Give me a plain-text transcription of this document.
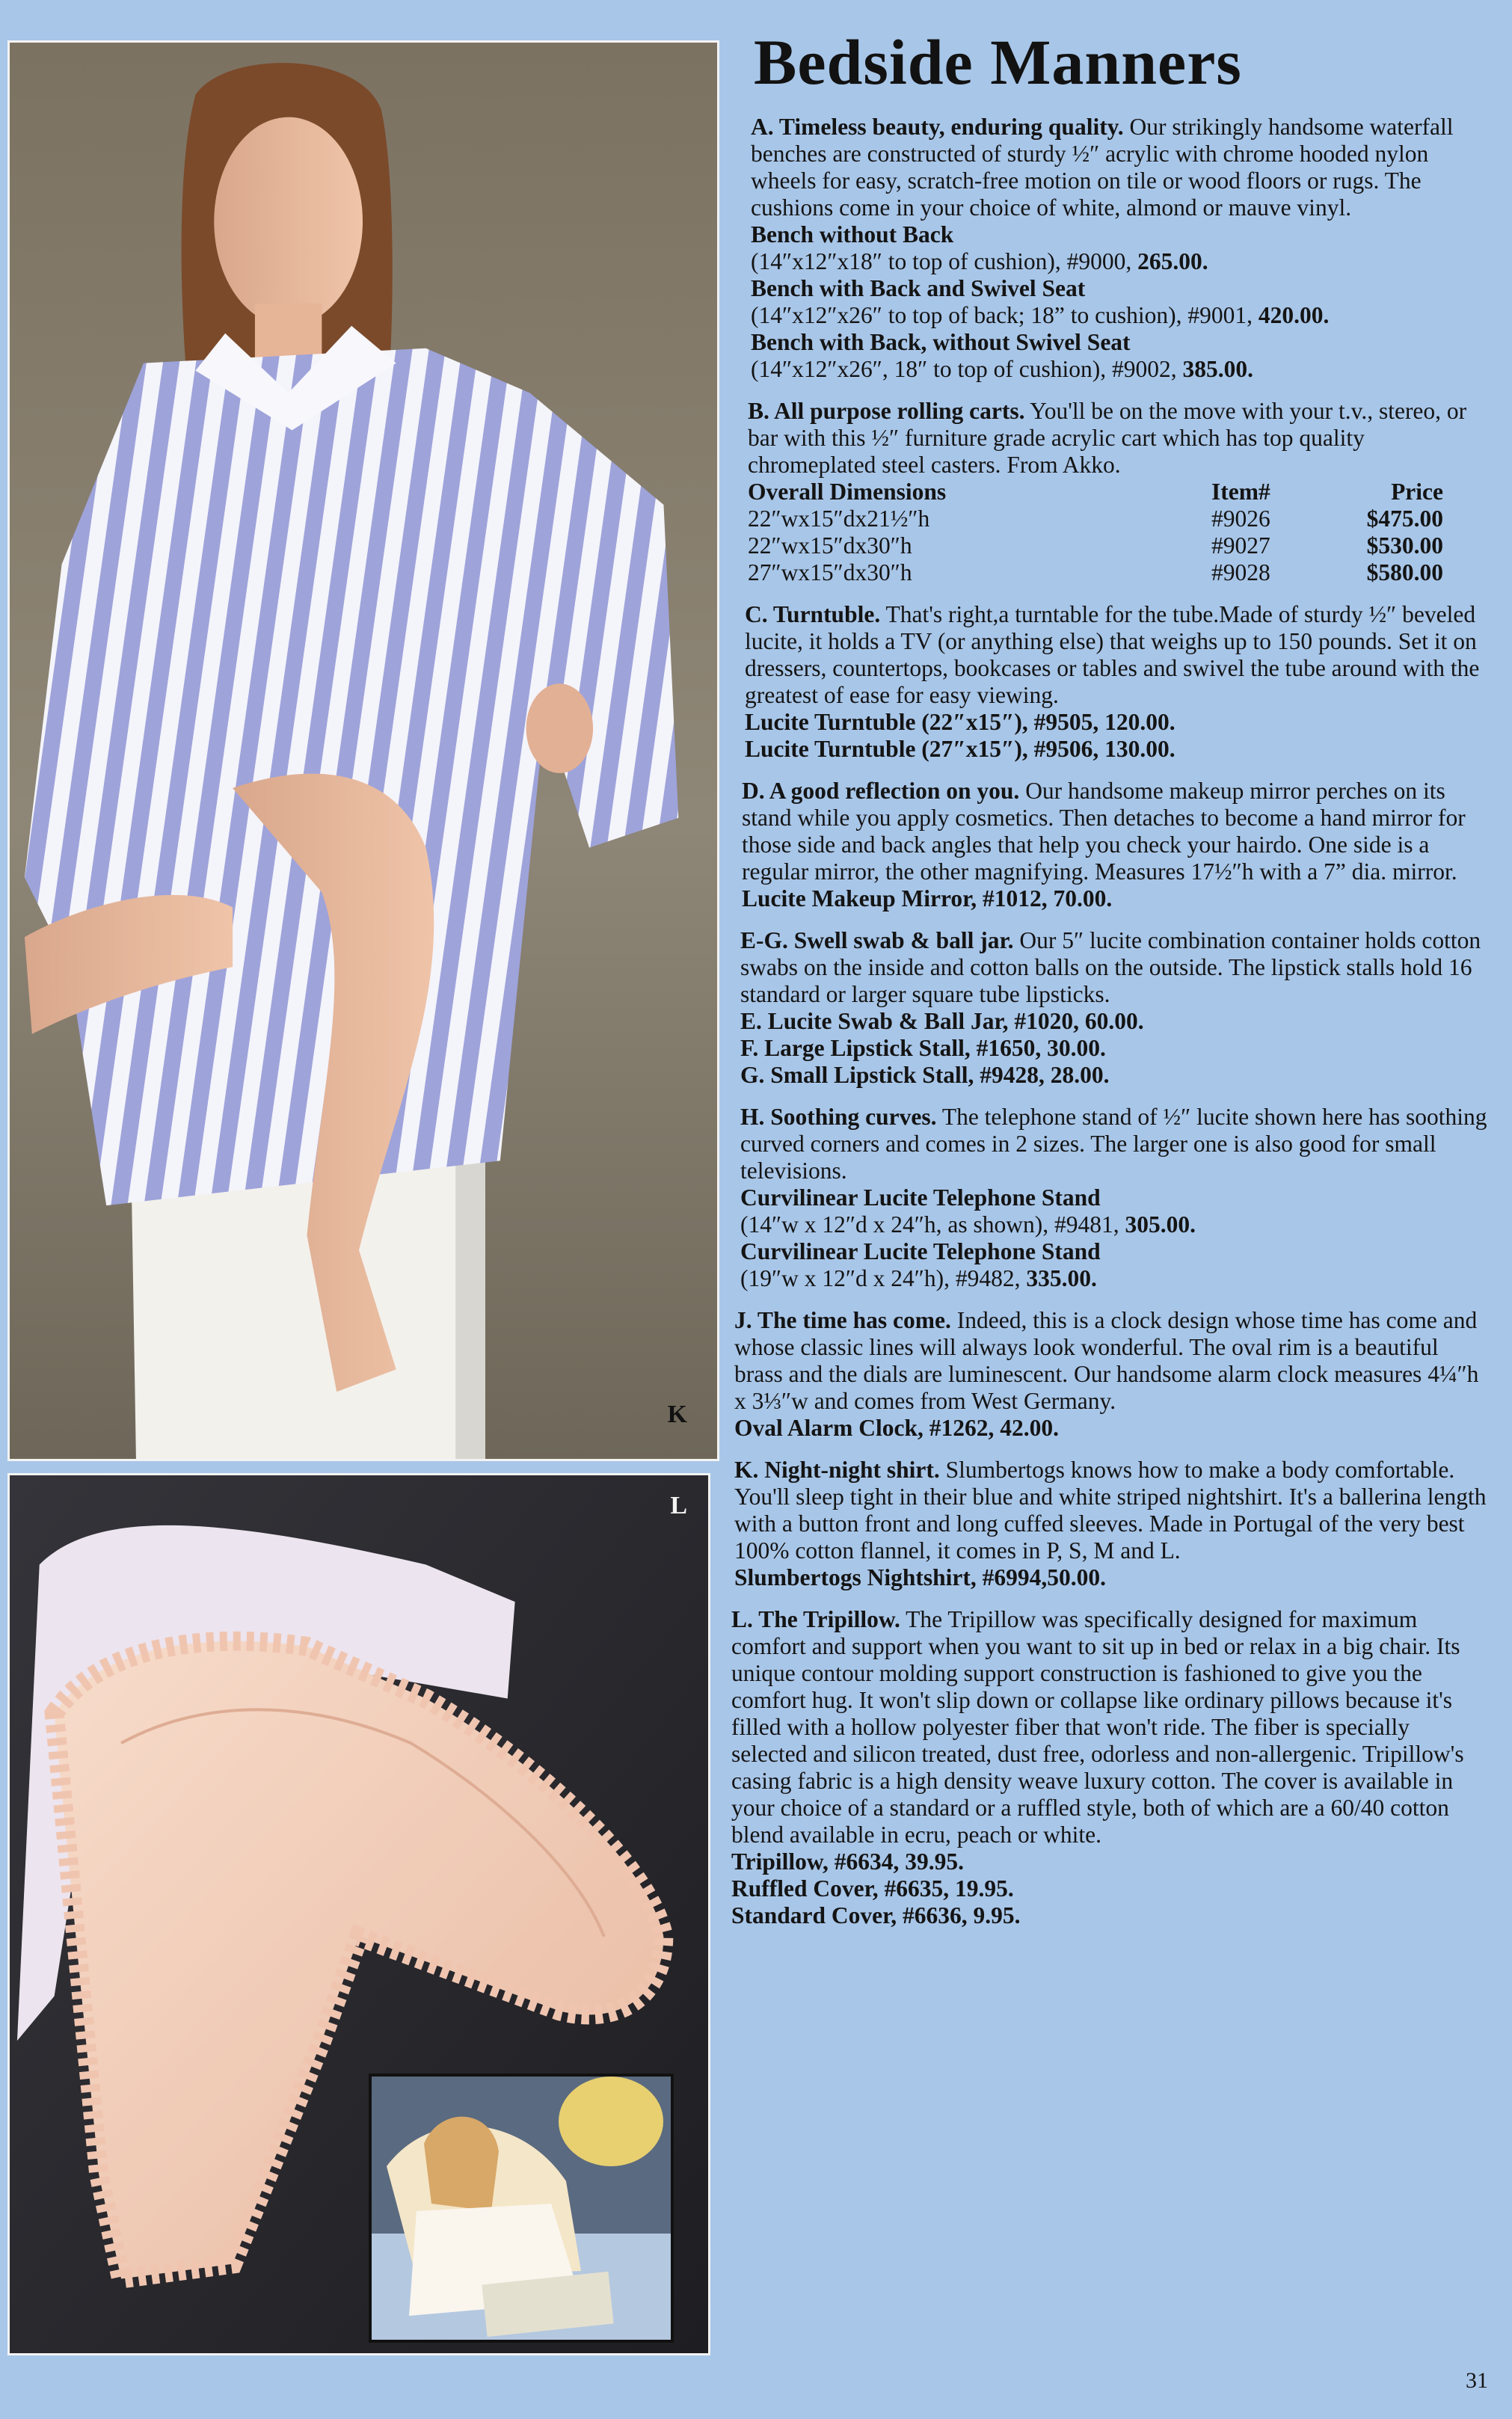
K
L
Bedside Manners
A. Timeless beauty, enduring quality. Our strikingly handsome waterfall benches are constructed of sturdy ½″ acrylic with chrome hooded nylon wheels for easy, scratch-free motion on tile or wood floors or rugs. The cushions come in your choice of white, almond or mauve vinyl.
Bench without Back
(14″x12″x18″ to top of cushion), #9000, 265.00.
Bench with Back and Swivel Seat
(14″x12″x26″ to top of back; 18” to cushion), #9001, 420.00.
Bench with Back, without Swivel Seat
(14″x12″x26″, 18″ to top of cushion), #9002, 385.00.
B. All purpose rolling carts. You'll be on the move with your t.v., stereo, or bar with this ½″ furniture grade acrylic cart which has top quality chromeplated steel casters. From Akko.
Overall Dimensions	Item#	Price
22″wx15″dx21½″h	#9026	$475.00
22″wx15″dx30″h	#9027	$530.00
27″wx15″dx30″h	#9028	$580.00
C. Turntuble. That's right,a turntable for the tube.Made of sturdy ½″ beveled lucite, it holds a TV (or anything else) that weighs up to 150 pounds. Set it on dressers, countertops, bookcases or tables and swivel the tube around with the greatest of ease for easy viewing.
Lucite Turntuble (22″x15″), #9505, 120.00.
Lucite Turntuble (27″x15″), #9506, 130.00.
D. A good reflection on you. Our handsome makeup mirror perches on its stand while you apply cosmetics. Then detaches to become a hand mirror for those side and back angles that help you check your hairdo. One side is a regular mirror, the other magnifying. Measures 17½″h with a 7” dia. mirror.
Lucite Makeup Mirror, #1012, 70.00.
E-G. Swell swab & ball jar. Our 5″ lucite combination container holds cotton swabs on the inside and cotton balls on the outside. The lipstick stalls hold 16 standard or larger square tube lipsticks.
E. Lucite Swab & Ball Jar, #1020, 60.00.
F. Large Lipstick Stall, #1650, 30.00.
G. Small Lipstick Stall, #9428, 28.00.
H. Soothing curves. The telephone stand of ½″ lucite shown here has soothing curved corners and comes in 2 sizes. The larger one is also good for small televisions.
Curvilinear Lucite Telephone Stand
(14″w x 12″d x 24″h, as shown), #9481, 305.00.
Curvilinear Lucite Telephone Stand
(19″w x 12″d x 24″h), #9482, 335.00.
J. The time has come. Indeed, this is a clock design whose time has come and whose classic lines will always look wonderful. The oval rim is a beautiful brass and the dials are luminescent. Our handsome alarm clock measures 4¼″h x 3⅓″w and comes from West Germany.
Oval Alarm Clock, #1262, 42.00.
K. Night-night shirt. Slumbertogs knows how to make a body comfortable. You'll sleep tight in their blue and white striped nightshirt. It's a ballerina length with a button front and long cuffed sleeves. Made in Portugal of the very best 100% cotton flannel, it comes in P, S, M and L.
Slumbertogs Nightshirt, #6994,50.00.
L. The Tripillow. The Tripillow was specifically designed for maximum comfort and support when you want to sit up in bed or relax in a big chair. Its unique contour molding support construction is fashioned to give you the comfort hug. It won't slip down or collapse like ordinary pillows because it's filled with a hollow polyester fiber that won't ride. The fiber is specially selected and silicon treated, dust free, odorless and non-allergenic. Tripillow's casing fabric is a high density weave luxury cotton. The cover is available in your choice of a standard or a ruffled style, both of which are a 60/40 cotton blend available in ecru, peach or white.
Tripillow, #6634, 39.95.
Ruffled Cover, #6635, 19.95.
Standard Cover, #6636, 9.95.
31
